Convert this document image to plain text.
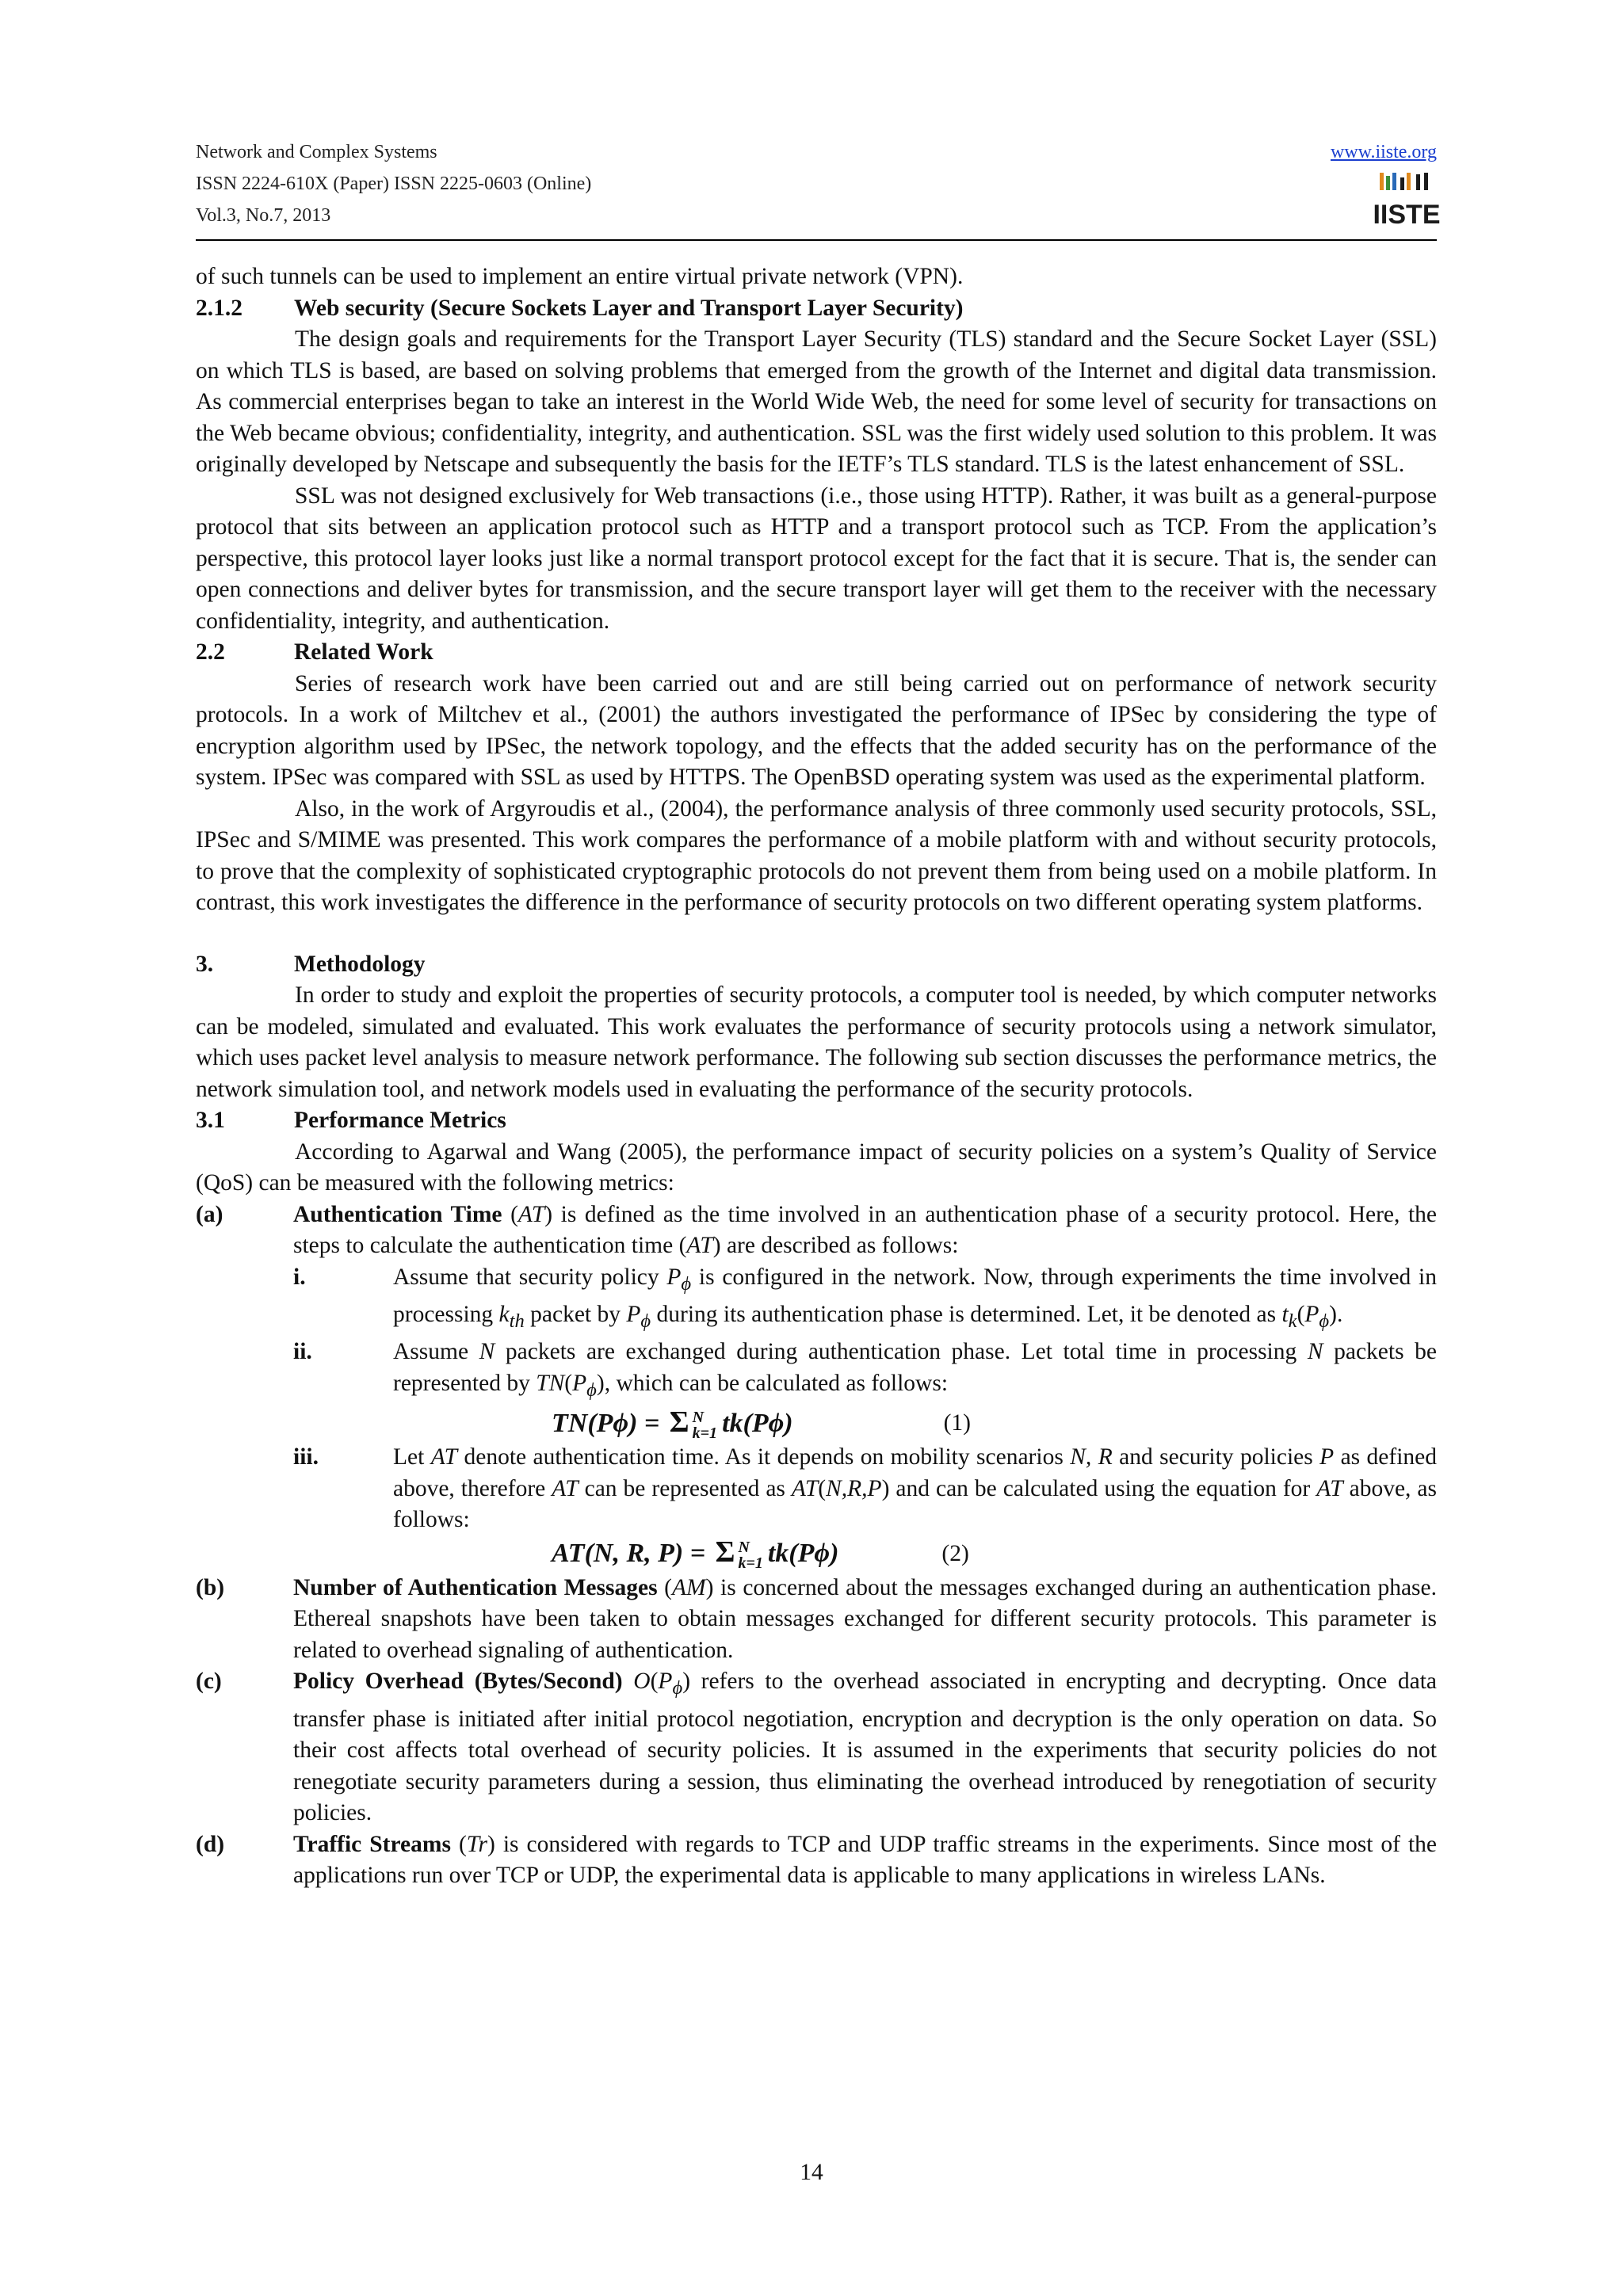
Network and Complex Systems
ISSN 2224-610X (Paper) ISSN 2225-0603 (Online)
Vol.3, No.7, 2013
www.iiste.org
IISTE

of such tunnels can be used to implement an entire virtual private network (VPN).

2.1.2	Web security (Secure Sockets Layer and Transport Layer Security)

The design goals and requirements for the Transport Layer Security (TLS) standard and the Secure Socket Layer (SSL) on which TLS is based, are based on solving problems that emerged from the growth of the Internet and digital data transmission. As commercial enterprises began to take an interest in the World Wide Web, the need for some level of security for transactions on the Web became obvious; confidentiality, integrity, and authentication. SSL was the first widely used solution to this problem. It was originally developed by Netscape and subsequently the basis for the IETF’s TLS standard. TLS is the latest enhancement of SSL.

SSL was not designed exclusively for Web transactions (i.e., those using HTTP). Rather, it was built as a general-purpose protocol that sits between an application protocol such as HTTP and a transport protocol such as TCP. From the application’s perspective, this protocol layer looks just like a normal transport protocol except for the fact that it is secure. That is, the sender can open connections and deliver bytes for transmission, and the secure transport layer will get them to the receiver with the necessary confidentiality, integrity, and authentication.

2.2	Related Work

Series of research work have been carried out and are still being carried out on performance of network security protocols. In a work of Miltchev et al., (2001) the authors investigated the performance of IPSec by considering the type of encryption algorithm used by IPSec, the network topology, and the effects that the added security has on the performance of the system. IPSec was compared with SSL as used by HTTPS. The OpenBSD operating system was used as the experimental platform.

Also, in the work of Argyroudis et al., (2004), the performance analysis of three commonly used security protocols, SSL, IPSec and S/MIME was presented. This work compares the performance of a mobile platform with and without security protocols, to prove that the complexity of sophisticated cryptographic protocols do not prevent them from being used on a mobile platform. In contrast, this work investigates the difference in the performance of security protocols on two different operating system platforms.

3.	Methodology

In order to study and exploit the properties of security protocols, a computer tool is needed, by which computer networks can be modeled, simulated and evaluated. This work evaluates the performance of security protocols using a network simulator, which uses packet level analysis to measure network performance. The following sub section discusses the performance metrics, the network simulation tool, and network models used in evaluating the performance of the security protocols.

3.1	Performance Metrics

According to Agarwal and Wang (2005), the performance impact of security policies on a system’s Quality of Service (QoS) can be measured with the following metrics:

(a)	Authentication Time (AT) is defined as the time involved in an authentication phase of a security protocol. Here, the steps to calculate the authentication time (AT) are described as follows:
i.	Assume that security policy $P_\phi$ is configured in the network. Now, through experiments the time involved in processing $k_{th}$ packet by $P_\phi$ during its authentication phase is determined. Let, it be denoted as $t_k(P_\phi)$.
ii.	Assume N packets are exchanged during authentication phase. Let total time in processing N packets be represented by $TN(P_\phi)$, which can be calculated as follows:
TN(Pϕ) = Σ N
k=1 tk(Pϕ)	(1)
iii.	Let AT denote authentication time. As it depends on mobility scenarios N, R and security policies P as defined above, therefore AT can be represented as AT(N,R,P) and can be calculated using the equation for AT above, as follows:
AT(N, R, P) = Σ N
k=1 tk(Pϕ)	(2)
(b)	Number of Authentication Messages (AM) is concerned about the messages exchanged during an authentication phase. Ethereal snapshots have been taken to obtain messages exchanged for different security protocols. This parameter is related to overhead signaling of authentication.
(c)	Policy Overhead (Bytes/Second) $O(P_\phi)$ refers to the overhead associated in encrypting and decrypting. Once data transfer phase is initiated after initial protocol negotiation, encryption and decryption is the only operation on data. So their cost affects total overhead of security policies. It is assumed in the experiments that security policies do not renegotiate security parameters during a session, thus eliminating the overhead introduced by renegotiation of security policies.
(d)	Traffic Streams (Tr) is considered with regards to TCP and UDP traffic streams in the experiments. Since most of the applications run over TCP or UDP, the experimental data is applicable to many applications in wireless LANs.
14
